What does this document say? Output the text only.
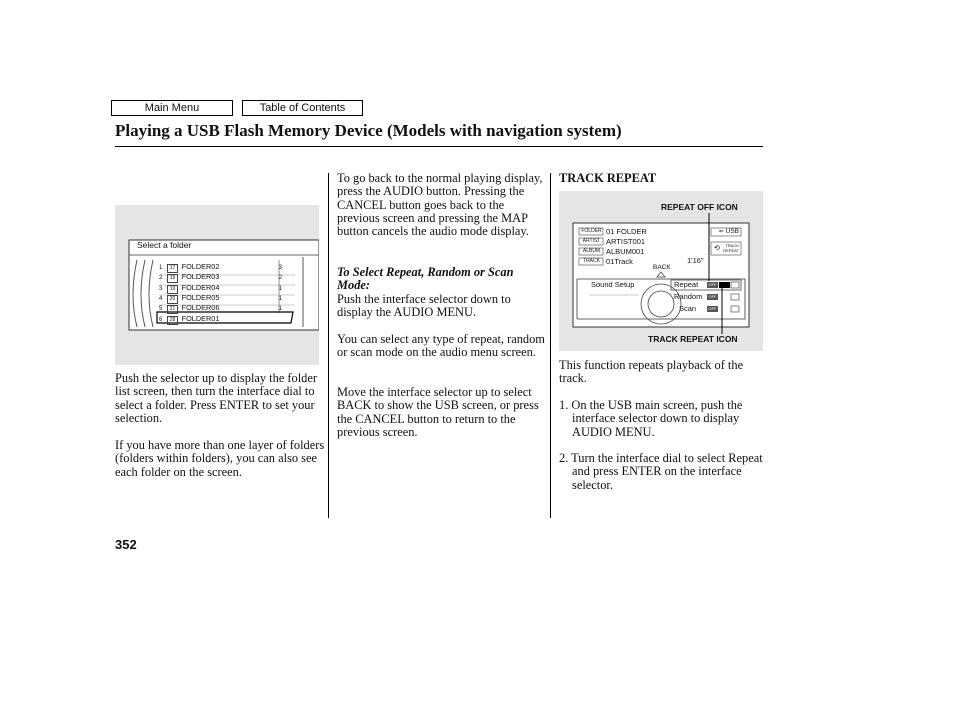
Main Menu	Table of Contents
Playing a USB Flash Memory Device (Models with navigation system)
Select a folder
1 17 FOLDER02	3
2 19 FOLDER03	2
3 19 FOLDER04	1
4 20 FOLDER05	1
5 21 FOLDER06	1
6 28 FOLDER01
Push the selector up to display the folder list screen, then turn the interface dial to select a folder. Press ENTER to set your selection.
If you have more than one layer of folders (folders within folders), you can also see each folder on the screen.
To go back to the normal playing display, press the AUDIO button. Pressing the CANCEL button goes back to the previous screen and pressing the MAP button cancels the audio mode display.
To Select Repeat, Random or Scan Mode:
Push the interface selector down to display the AUDIO MENU.
You can select any type of repeat, random or scan mode on the audio menu screen.
Move the interface selector up to select BACK to show the USB screen, or press the CANCEL button to return to the previous screen.
TRACK REPEAT
REPEAT OFF ICON
FOLDER
ARTIST
ALBUM
TRACK
01 FOLDER
ARTIST001
ALBUM001
01Track	1'16"
⇐ USB
TRACK REPEAT
⟲
BACK
Sound Setup	Repeat
Random
Scan
OFF
OFF
OFF
TRACK REPEAT ICON
This function repeats playback of the track.
1. On the USB main screen, push the interface selector down to display AUDIO MENU.
2. Turn the interface dial to select Repeat and press ENTER on the interface selector.
352
